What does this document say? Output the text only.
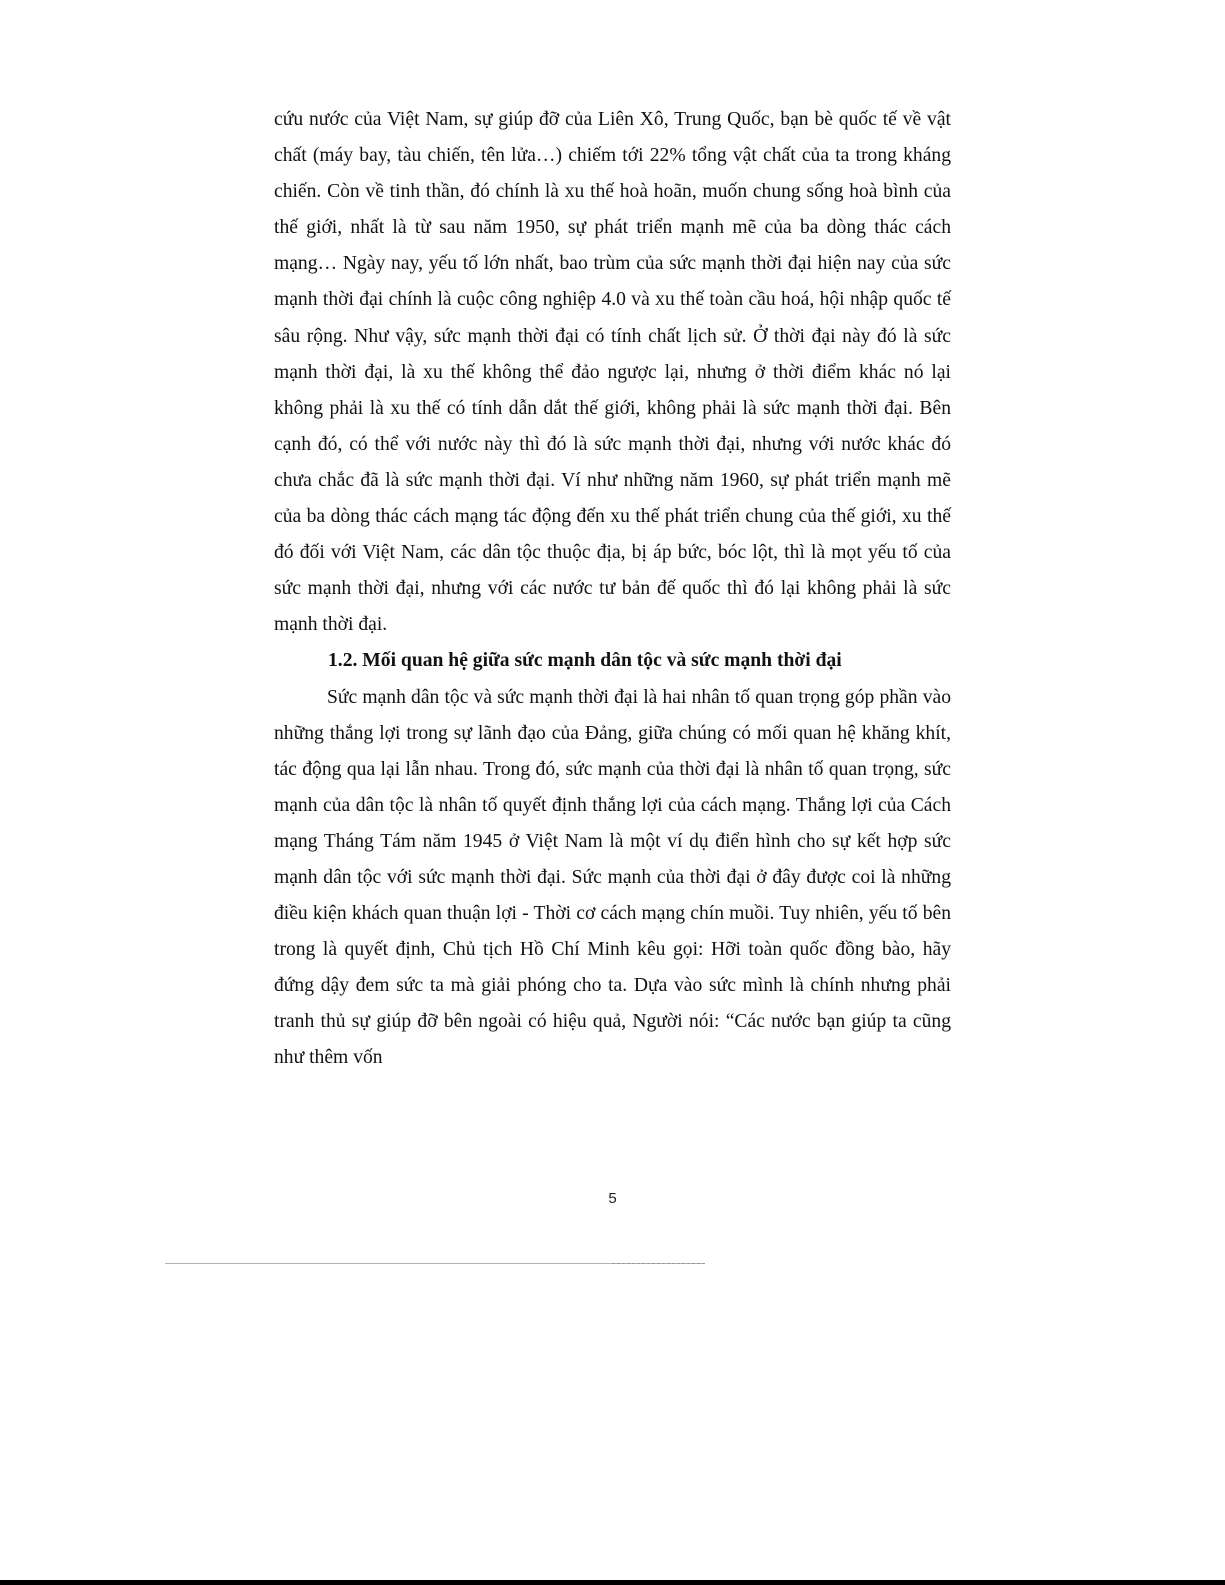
cứu nước của Việt Nam, sự giúp đỡ của Liên Xô, Trung Quốc, bạn bè quốc tế về vật chất (máy bay, tàu chiến, tên lửa…) chiếm tới 22% tổng vật chất của ta trong kháng chiến. Còn về tinh thần, đó chính là xu thế hoà hoãn, muốn chung sống hoà bình của thế giới, nhất là từ sau năm 1950, sự phát triển mạnh mẽ của ba dòng thác cách mạng… Ngày nay, yếu tố lớn nhất, bao trùm của sức mạnh thời đại hiện nay của sức mạnh thời đại chính là cuộc công nghiệp 4.0 và xu thế toàn cầu hoá, hội nhập quốc tế sâu rộng. Như vậy, sức mạnh thời đại có tính chất lịch sử. Ở thời đại này đó là sức mạnh thời đại, là xu thế không thể đảo ngược lại, nhưng ở thời điểm khác nó lại không phải là xu thế có tính dẫn dắt thế giới, không phải là sức mạnh thời đại. Bên cạnh đó, có thể với nước này thì đó là sức mạnh thời đại, nhưng với nước khác đó chưa chắc đã là sức mạnh thời đại. Ví như những năm 1960, sự phát triển mạnh mẽ của ba dòng thác cách mạng tác động đến xu thế phát triển chung của thế giới, xu thế đó đối với Việt Nam, các dân tộc thuộc địa, bị áp bức, bóc lột, thì là mọt yếu tố của sức mạnh thời đại, nhưng với các nước tư bản đế quốc thì đó lại không phải là sức mạnh thời đại.

1.2. Mối quan hệ giữa sức mạnh dân tộc và sức mạnh thời đại

Sức mạnh dân tộc và sức mạnh thời đại là hai nhân tố quan trọng góp phần vào những thắng lợi trong sự lãnh đạo của Đảng, giữa chúng có mối quan hệ khăng khít, tác động qua lại lẫn nhau. Trong đó, sức mạnh của thời đại là nhân tố quan trọng, sức mạnh của dân tộc là nhân tố quyết định thắng lợi của cách mạng. Thắng lợi của Cách mạng Tháng Tám năm 1945 ở Việt Nam là một ví dụ điển hình cho sự kết hợp sức mạnh dân tộc với sức mạnh thời đại. Sức mạnh của thời đại ở đây được coi là những điều kiện khách quan thuận lợi - Thời cơ cách mạng chín muồi. Tuy nhiên, yếu tố bên trong là quyết định, Chủ tịch Hồ Chí Minh kêu gọi: Hỡi toàn quốc đồng bào, hãy đứng dậy đem sức ta mà giải phóng cho ta. Dựa vào sức mình là chính nhưng phải tranh thủ sự giúp đỡ bên ngoài có hiệu quả, Người nói: “Các nước bạn giúp ta cũng như thêm vốn

5
